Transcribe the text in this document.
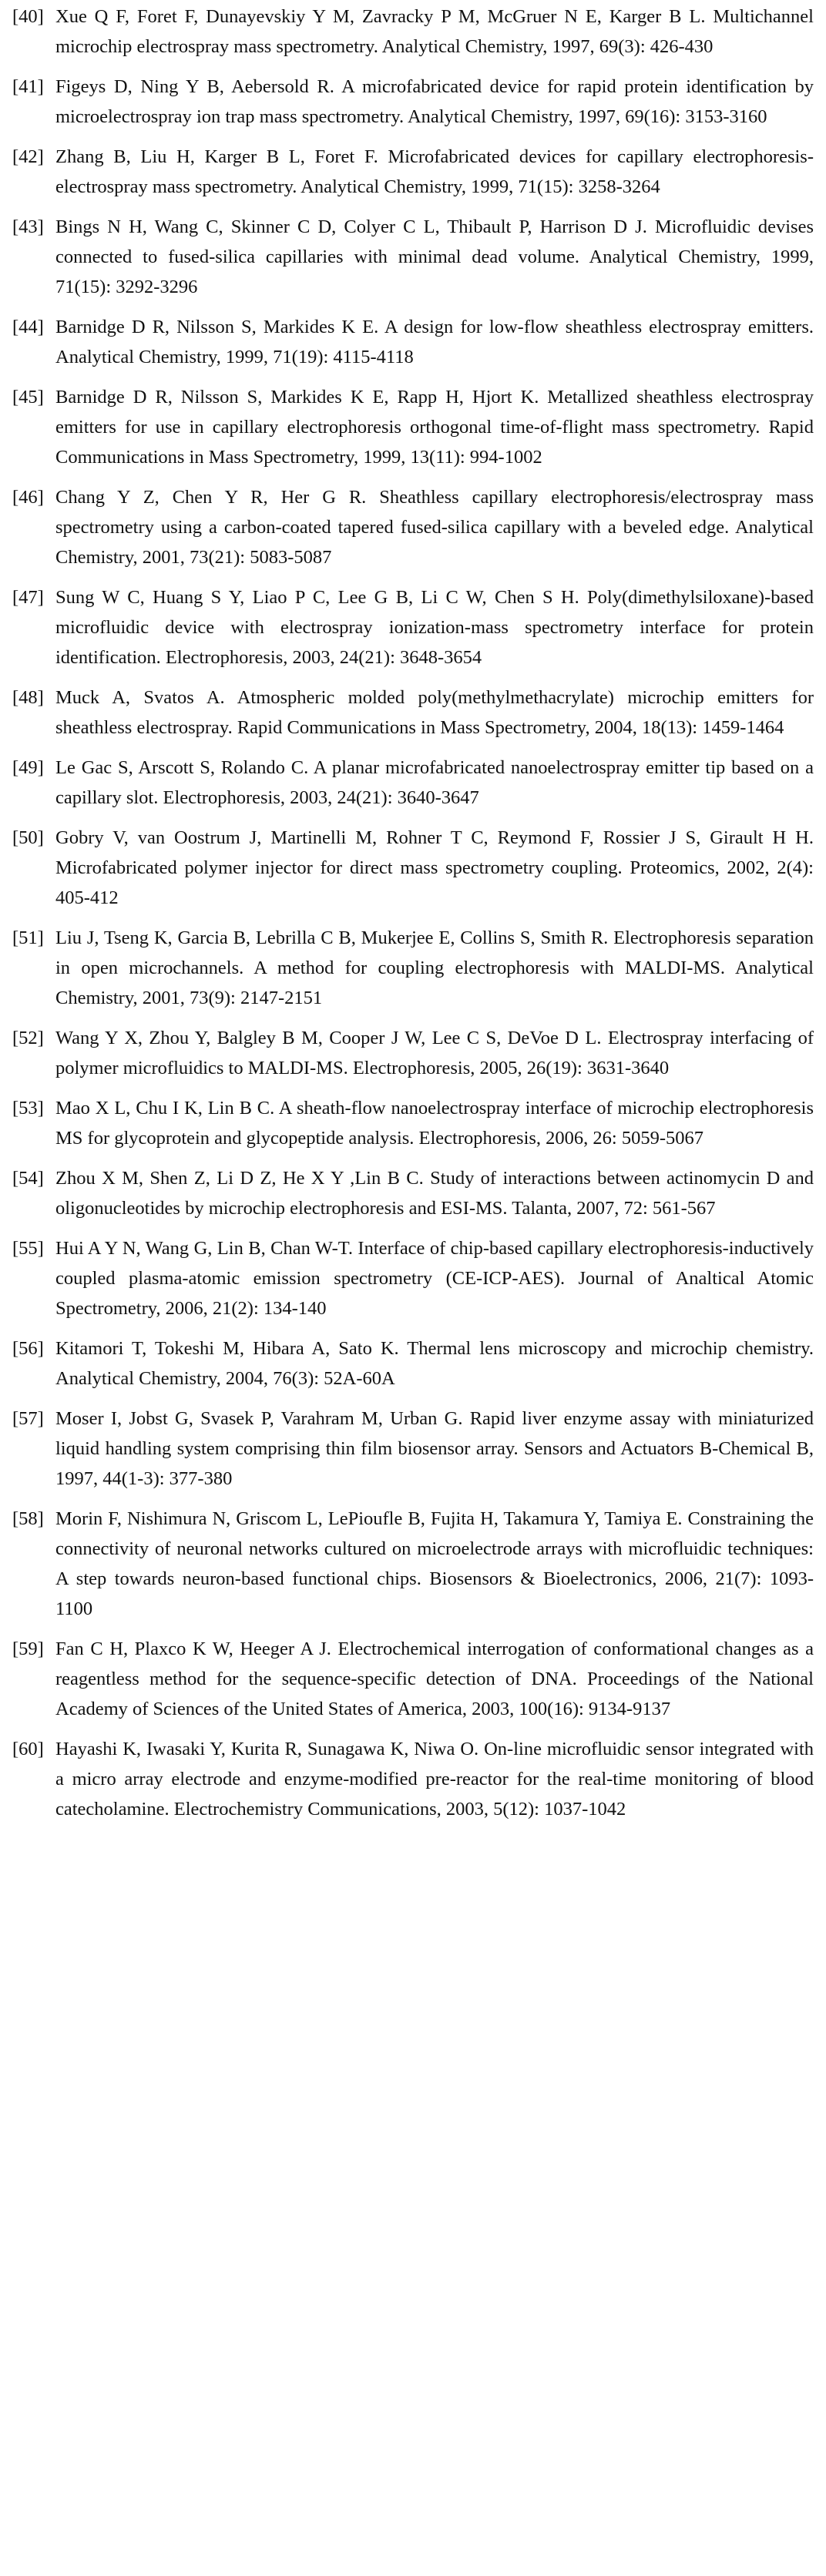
[40] Xue Q F, Foret F, Dunayevskiy Y M, Zavracky P M, McGruer N E, Karger B L. Multichannel microchip electrospray mass spectrometry. Analytical Chemistry, 1997, 69(3): 426-430
[41] Figeys D, Ning Y B, Aebersold R. A microfabricated device for rapid protein identification by microelectrospray ion trap mass spectrometry. Analytical Chemistry, 1997, 69(16): 3153-3160
[42] Zhang B, Liu H, Karger B L, Foret F. Microfabricated devices for capillary electrophoresis-electrospray mass spectrometry. Analytical Chemistry, 1999, 71(15): 3258-3264
[43] Bings N H, Wang C, Skinner C D, Colyer C L, Thibault P, Harrison D J. Microfluidic devises connected to fused-silica capillaries with minimal dead volume. Analytical Chemistry, 1999, 71(15): 3292-3296
[44] Barnidge D R, Nilsson S, Markides K E. A design for low-flow sheathless electrospray emitters. Analytical Chemistry, 1999, 71(19): 4115-4118
[45] Barnidge D R, Nilsson S, Markides K E, Rapp H, Hjort K. Metallized sheathless electrospray emitters for use in capillary electrophoresis orthogonal time-of-flight mass spectrometry. Rapid Communications in Mass Spectrometry, 1999, 13(11): 994-1002
[46] Chang Y Z, Chen Y R, Her G R. Sheathless capillary electrophoresis/electrospray mass spectrometry using a carbon-coated tapered fused-silica capillary with a beveled edge. Analytical Chemistry, 2001, 73(21): 5083-5087
[47] Sung W C, Huang S Y, Liao P C, Lee G B, Li C W, Chen S H. Poly(dimethylsiloxane)-based microfluidic device with electrospray ionization-mass spectrometry interface for protein identification. Electrophoresis, 2003, 24(21): 3648-3654
[48] Muck A, Svatos A. Atmospheric molded poly(methylmethacrylate) microchip emitters for sheathless electrospray. Rapid Communications in Mass Spectrometry, 2004, 18(13): 1459-1464
[49] Le Gac S, Arscott S, Rolando C. A planar microfabricated nanoelectrospray emitter tip based on a capillary slot. Electrophoresis, 2003, 24(21): 3640-3647
[50] Gobry V, van Oostrum J, Martinelli M, Rohner T C, Reymond F, Rossier J S, Girault H H. Microfabricated polymer injector for direct mass spectrometry coupling. Proteomics, 2002, 2(4): 405-412
[51] Liu J, Tseng K, Garcia B, Lebrilla C B, Mukerjee E, Collins S, Smith R. Electrophoresis separation in open microchannels. A method for coupling electrophoresis with MALDI-MS. Analytical Chemistry, 2001, 73(9): 2147-2151
[52] Wang Y X, Zhou Y, Balgley B M, Cooper J W, Lee C S, DeVoe D L. Electrospray interfacing of polymer microfluidics to MALDI-MS. Electrophoresis, 2005, 26(19): 3631-3640
[53] Mao X L, Chu I K, Lin B C. A sheath-flow nanoelectrospray interface of microchip electrophoresis MS for glycoprotein and glycopeptide analysis. Electrophoresis, 2006, 26: 5059-5067
[54] Zhou X M, Shen Z, Li D Z, He X Y ,Lin B C. Study of interactions between actinomycin D and oligonucleotides by microchip electrophoresis and ESI-MS. Talanta, 2007, 72: 561-567
[55] Hui A Y N, Wang G, Lin B, Chan W-T. Interface of chip-based capillary electrophoresis-inductively coupled plasma-atomic emission spectrometry (CE-ICP-AES). Journal of Analtical Atomic Spectrometry, 2006, 21(2): 134-140
[56] Kitamori T, Tokeshi M, Hibara A, Sato K. Thermal lens microscopy and microchip chemistry. Analytical Chemistry, 2004, 76(3): 52A-60A
[57] Moser I, Jobst G, Svasek P, Varahram M, Urban G. Rapid liver enzyme assay with miniaturized liquid handling system comprising thin film biosensor array. Sensors and Actuators B-Chemical B, 1997, 44(1-3): 377-380
[58] Morin F, Nishimura N, Griscom L, LePioufle B, Fujita H, Takamura Y, Tamiya E. Constraining the connectivity of neuronal networks cultured on microelectrode arrays with microfluidic techniques: A step towards neuron-based functional chips. Biosensors & Bioelectronics, 2006, 21(7): 1093-1100
[59] Fan C H, Plaxco K W, Heeger A J. Electrochemical interrogation of conformational changes as a reagentless method for the sequence-specific detection of DNA. Proceedings of the National Academy of Sciences of the United States of America, 2003, 100(16): 9134-9137
[60] Hayashi K, Iwasaki Y, Kurita R, Sunagawa K, Niwa O. On-line microfluidic sensor integrated with a micro array electrode and enzyme-modified pre-reactor for the real-time monitoring of blood catecholamine. Electrochemistry Communications, 2003, 5(12): 1037-1042
